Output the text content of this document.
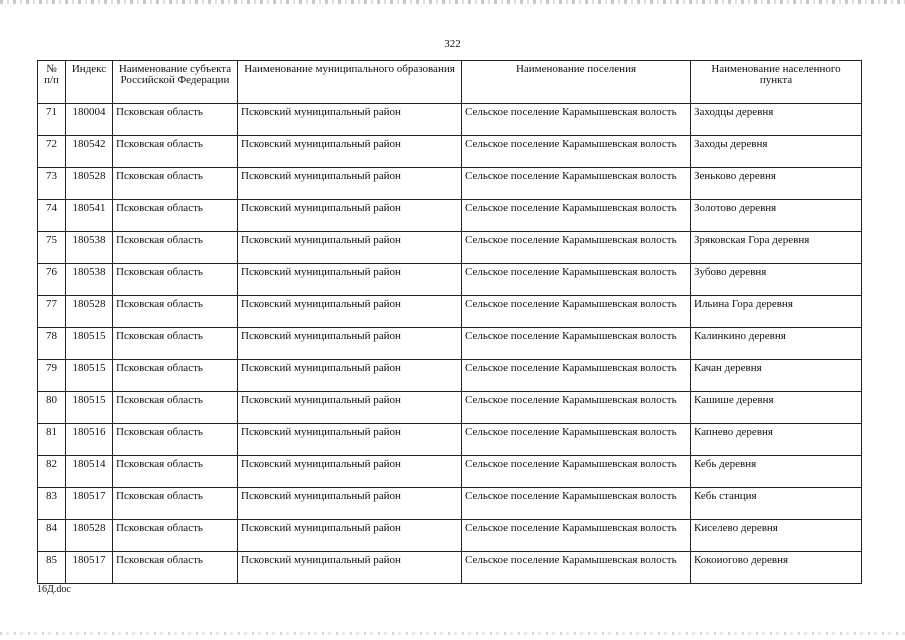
322
№ п/п	Индекс	Наименование субъекта Российской Федерации	Наименование муниципального образования	Наименование поселения	Наименование населенного пункта
71	180004	Псковская область	Псковский муниципальный район	Сельское поселение Карамышевская волость	Заходцы деревня
72	180542	Псковская область	Псковский муниципальный район	Сельское поселение Карамышевская волость	Заходы деревня
73	180528	Псковская область	Псковский муниципальный район	Сельское поселение Карамышевская волость	Зеньково деревня
74	180541	Псковская область	Псковский муниципальный район	Сельское поселение Карамышевская волость	Золотово деревня
75	180538	Псковская область	Псковский муниципальный район	Сельское поселение Карамышевская волость	Зряковская Гора деревня
76	180538	Псковская область	Псковский муниципальный район	Сельское поселение Карамышевская волость	Зубово деревня
77	180528	Псковская область	Псковский муниципальный район	Сельское поселение Карамышевская волость	Ильина Гора деревня
78	180515	Псковская область	Псковский муниципальный район	Сельское поселение Карамышевская волость	Калинкино деревня
79	180515	Псковская область	Псковский муниципальный район	Сельское поселение Карамышевская волость	Качан деревня
80	180515	Псковская область	Псковский муниципальный район	Сельское поселение Карамышевская волость	Кашише деревня
81	180516	Псковская область	Псковский муниципальный район	Сельское поселение Карамышевская волость	Капнево деревня
82	180514	Псковская область	Псковский муниципальный район	Сельское поселение Карамышевская волость	Кебь деревня
83	180517	Псковская область	Псковский муниципальный район	Сельское поселение Карамышевская волость	Кебь станция
84	180528	Псковская область	Псковский муниципальный район	Сельское поселение Карамышевская волость	Киселево деревня
85	180517	Псковская область	Псковский муниципальный район	Сельское поселение Карамышевская волость	Кокоиогово деревня
16Д.doc
